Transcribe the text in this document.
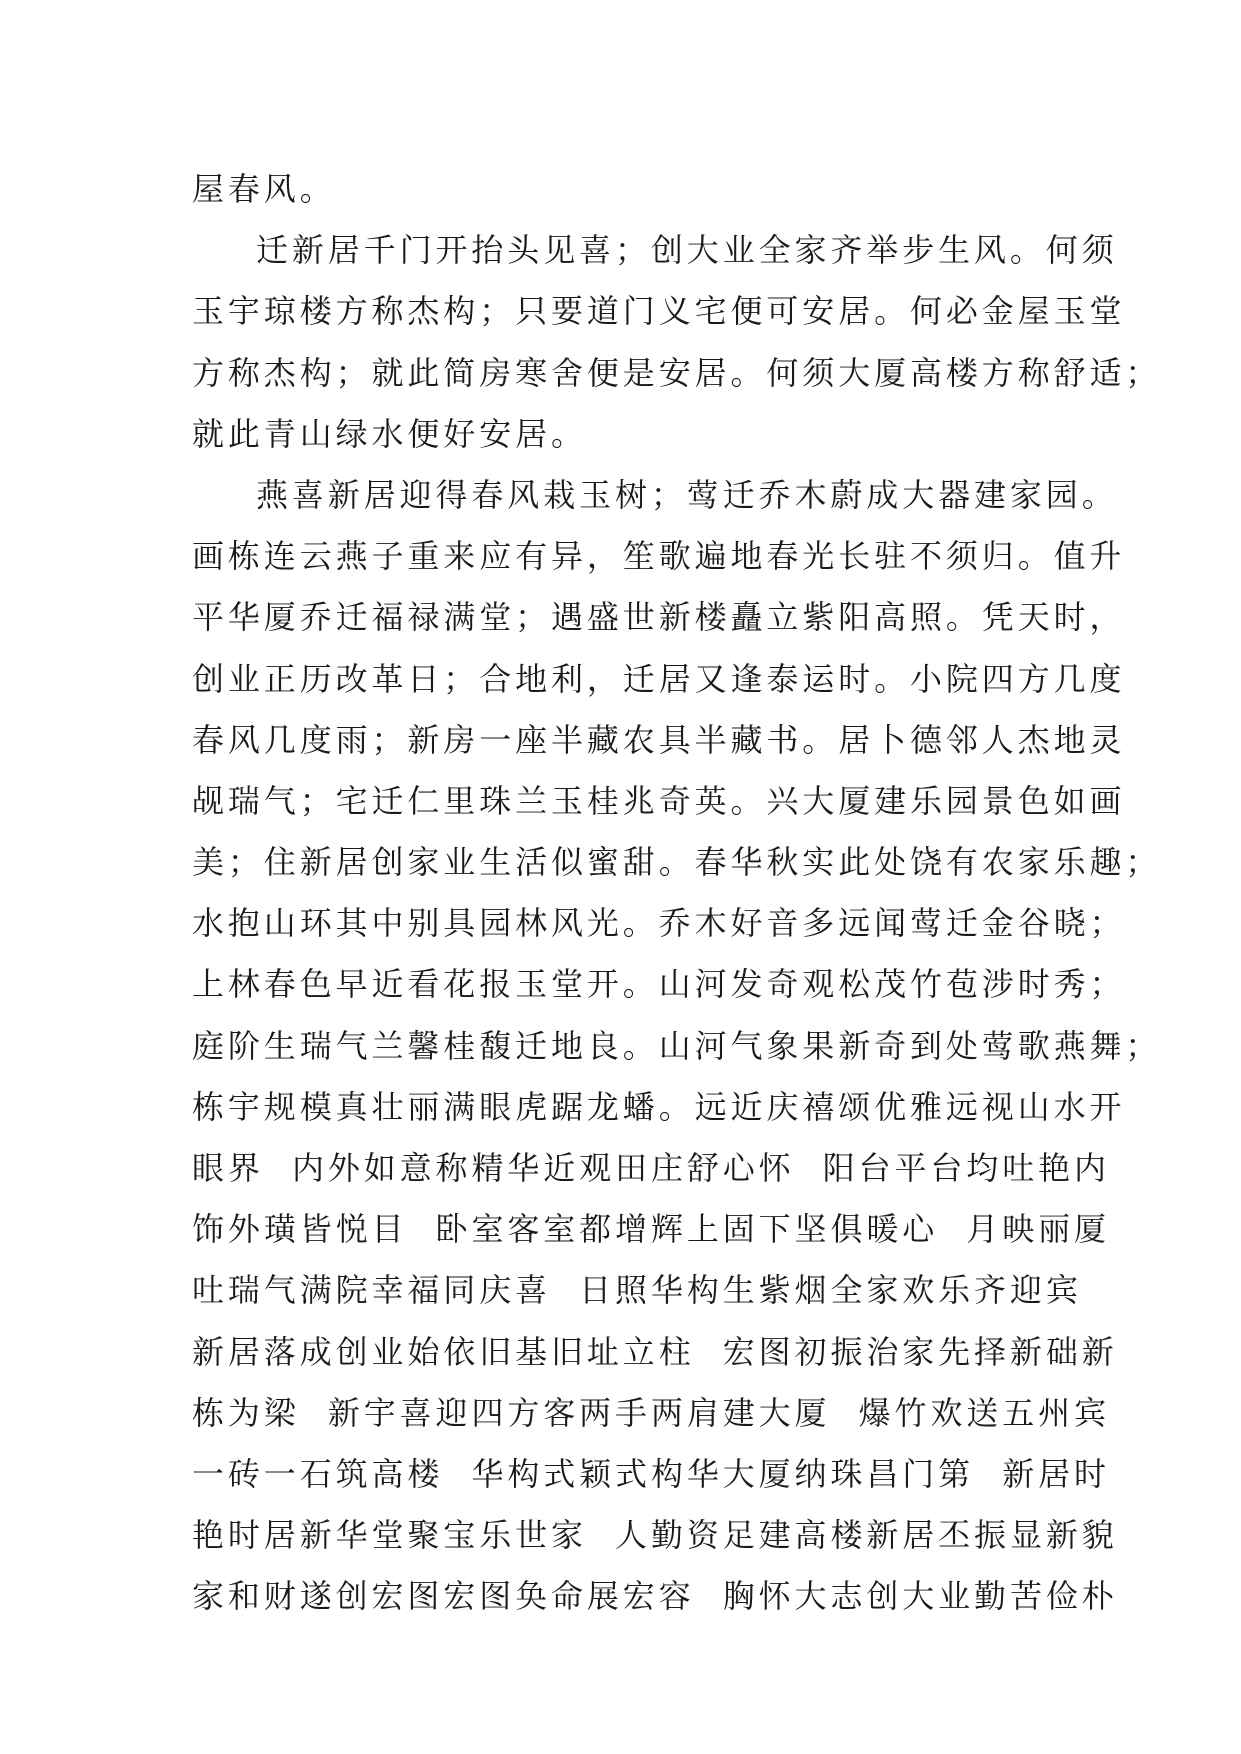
屋春风。
迁新居千门开抬头见喜；创大业全家齐举步生风。何须
玉宇琼楼方称杰构；只要道门义宅便可安居。何必金屋玉堂
方称杰构；就此简房寒舍便是安居。何须大厦高楼方称舒适；
就此青山绿水便好安居。
燕喜新居迎得春风栽玉树；莺迁乔木蔚成大器建家园。
画栋连云燕子重来应有异，笙歌遍地春光长驻不须归。值升
平华厦乔迁福禄满堂；遇盛世新楼矗立紫阳高照。凭天时，
创业正历改革日；合地利，迁居又逢泰运时。小院四方几度
春风几度雨；新房一座半藏农具半藏书。居卜德邻人杰地灵
觇瑞气；宅迁仁里珠兰玉桂兆奇英。兴大厦建乐园景色如画
美；住新居创家业生活似蜜甜。春华秋实此处饶有农家乐趣；
水抱山环其中别具园林风光。乔木好音多远闻莺迁金谷晓；
上林春色早近看花报玉堂开。山河发奇观松茂竹苞涉时秀；
庭阶生瑞气兰馨桂馥迁地良。山河气象果新奇到处莺歌燕舞；
栋宇规模真壮丽满眼虎踞龙蟠。远近庆禧颂优雅远视山水开
眼界  内外如意称精华近观田庄舒心怀  阳台平台均吐艳内
饰外璜皆悦目  卧室客室都增辉上固下坚俱暖心  月映丽厦
吐瑞气满院幸福同庆喜  日照华构生紫烟全家欢乐齐迎宾
新居落成创业始依旧基旧址立柱  宏图初振治家先择新础新
栋为梁  新宇喜迎四方客两手两肩建大厦  爆竹欢送五州宾
一砖一石筑高楼  华构式颖式构华大厦纳珠昌门第  新居时
艳时居新华堂聚宝乐世家  人勤资足建高楼新居丕振显新貌
家和财遂创宏图宏图奂命展宏容  胸怀大志创大业勤苦俭朴
